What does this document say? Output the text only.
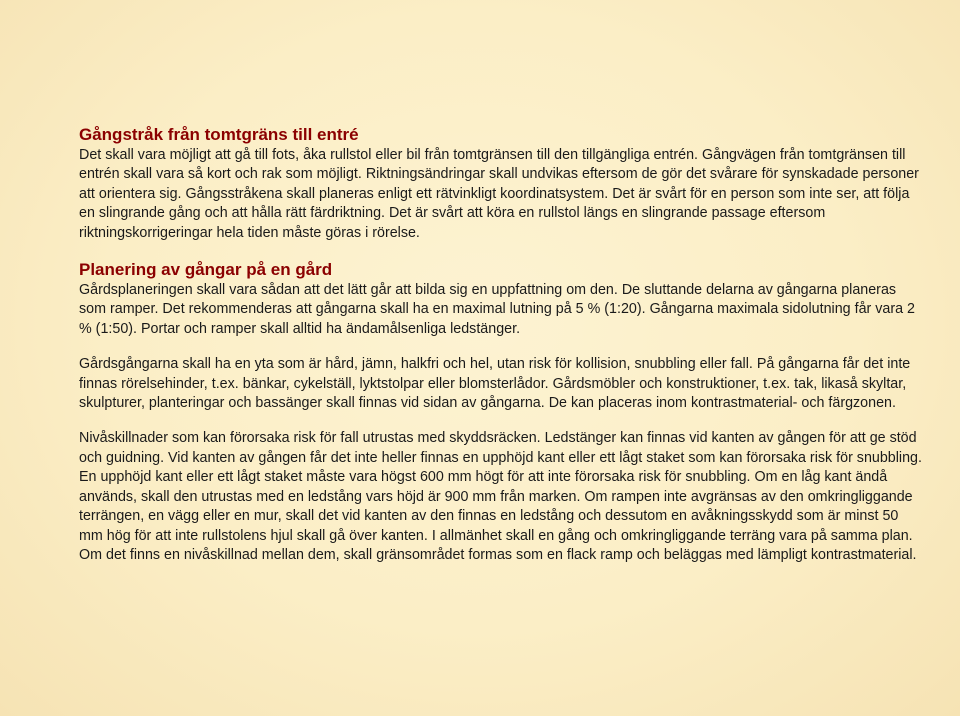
Gångstråk från tomtgräns till entré

Det skall vara möjligt att gå till fots, åka rullstol eller bil från tomtgränsen till den tillgängliga entrén. Gångvägen från tomtgränsen till entrén skall vara så kort och rak som möjligt. Riktningsändringar skall undvikas eftersom de gör det svårare för synskadade personer att orientera sig. Gångsstråkena skall planeras enligt ett rätvinkligt koordinatsystem. Det är svårt för en person som inte ser, att följa en slingrande gång och att hålla rätt färdriktning. Det är svårt att köra en rullstol längs en slingrande passage eftersom riktningskorrigeringar hela tiden måste göras i rörelse.

Planering av gångar på en gård

Gårdsplaneringen skall vara sådan att det lätt går att bilda sig en uppfattning om den. De sluttande delarna av gångarna planeras som ramper. Det rekommenderas att gångarna skall ha en maximal lutning på 5 % (1:20). Gångarna maximala sidolutning får vara 2 % (1:50). Portar och ramper skall alltid ha ändamålsenliga ledstänger.

Gårdsgångarna skall ha en yta som är hård, jämn, halkfri och hel, utan risk för kollision, snubbling eller fall. På gångarna får det inte finnas rörelsehinder, t.ex. bänkar, cykelställ, lyktstolpar eller blomsterlådor. Gårdsmöbler och konstruktioner, t.ex. tak, likaså skyltar, skulpturer, planteringar och bassänger skall finnas vid sidan av gångarna. De kan placeras inom kontrastmaterial- och färgzonen.

Nivåskillnader som kan förorsaka risk för fall utrustas med skyddsräcken. Ledstänger kan finnas vid kanten av gången för att ge stöd och guidning. Vid kanten av gången får det inte heller finnas en upphöjd kant eller ett lågt staket som kan förorsaka risk för snubbling. En upphöjd kant eller ett lågt staket måste vara högst 600 mm högt för att inte förorsaka risk för snubbling. Om en låg kant ändå används, skall den utrustas med en ledstång vars höjd är 900 mm från marken. Om rampen inte avgränsas av den omkringliggande terrängen, en vägg eller en mur, skall det vid kanten av den finnas en ledstång och dessutom en avåkningsskydd som är minst 50 mm hög för att inte rullstolens hjul skall gå över kanten. I allmänhet skall en gång och omkringliggande terräng vara på samma plan. Om det finns en nivåskillnad mellan dem, skall gränsområdet formas som en flack ramp och beläggas med lämpligt kontrastmaterial.
